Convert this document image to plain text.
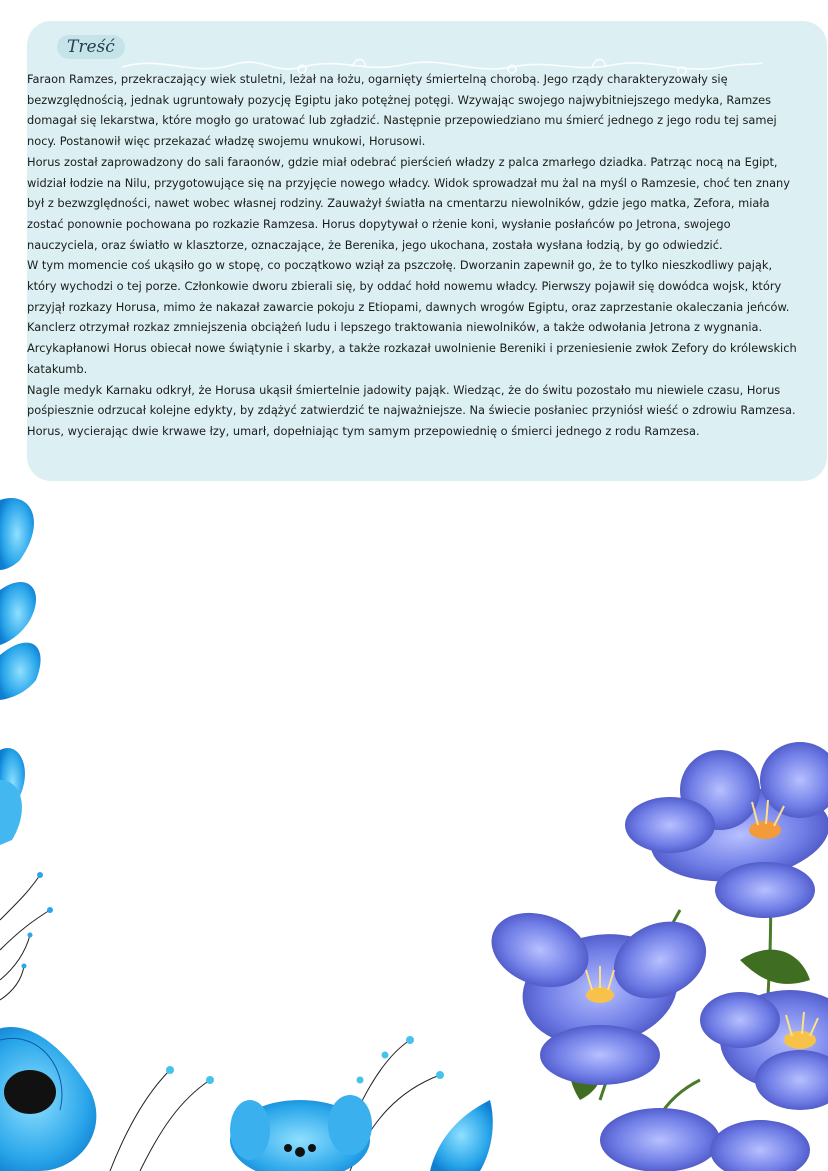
Treść

Faraon Ramzes, przekraczający wiek stuletni, leżał na łożu, ogarnięty śmiertelną chorobą. Jego rządy charakteryzowały się bezwzględnością, jednak ugruntowały pozycję Egiptu jako potężnej potęgi. Wzywając swojego najwybitniejszego medyka, Ramzes domagał się lekarstwa, które mogło go uratować lub zgładzić. Następnie przepowiedziano mu śmierć jednego z jego rodu tej samej nocy. Postanowił więc przekazać władzę swojemu wnukowi, Horusowi.

Horus został zaprowadzony do sali faraonów, gdzie miał odebrać pierścień władzy z palca zmarłego dziadka. Patrząc nocą na Egipt, widział łodzie na Nilu, przygotowujące się na przyjęcie nowego władcy. Widok sprowadzał mu żal na myśl o Ramzesie, choć ten znany był z bezwzględności, nawet wobec własnej rodziny. Zauważył światła na cmentarzu niewolników, gdzie jego matka, Zefora, miała zostać ponownie pochowana po rozkazie Ramzesa. Horus dopytywał o rżenie koni, wysłanie posłańców po Jetrona, swojego nauczyciela, oraz światło w klasztorze, oznaczające, że Berenika, jego ukochana, została wysłana łodzią, by go odwiedzić.

W tym momencie coś ukąsiło go w stopę, co początkowo wziął za pszczołę. Dworzanin zapewnił go, że to tylko nieszkodliwy pająk, który wychodzi o tej porze. Członkowie dworu zbierali się, by oddać hołd nowemu władcy. Pierwszy pojawił się dowódca wojsk, który przyjął rozkazy Horusa, mimo że nakazał zawarcie pokoju z Etiopami, dawnych wrogów Egiptu, oraz zaprzestanie okaleczania jeńców. Kanclerz otrzymał rozkaz zmniejszenia obciążeń ludu i lepszego traktowania niewolników, a także odwołania Jetrona z wygnania. Arcykapłanowi Horus obiecał nowe świątynie i skarby, a także rozkazał uwolnienie Bereniki i przeniesienie zwłok Zefory do królewskich katakumb.

Nagle medyk Karnaku odkrył, że Horusa ukąsił śmiertelnie jadowity pająk. Wiedząc, że do świtu pozostało mu niewiele czasu, Horus pośpiesznie odrzucał kolejne edykty, by zdążyć zatwierdzić te najważniejsze. Na świecie posłaniec przyniósł wieść o zdrowiu Ramzesa. Horus, wycierając dwie krwawe łzy, umarł, dopełniając tym samym przepowiednię o śmierci jednego z rodu Ramzesa.
